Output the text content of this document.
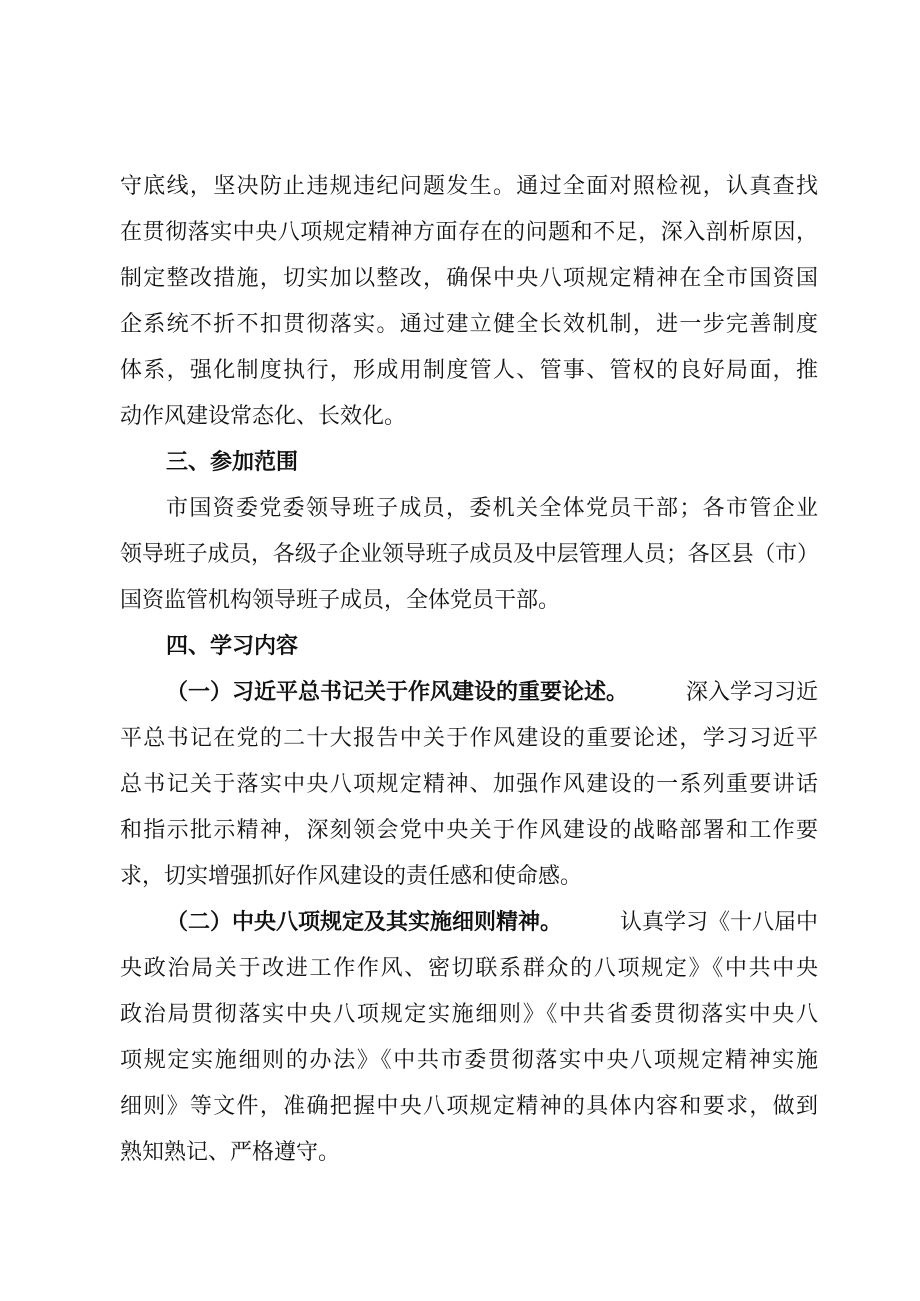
守底线，坚决防止违规违纪问题发生。通过全面对照检视，认真查找

在贯彻落实中央八项规定精神方面存在的问题和不足，深入剖析原因，

制定整改措施，切实加以整改，确保中央八项规定精神在全市国资国

企系统不折不扣贯彻落实。通过建立健全长效机制，进一步完善制度

体系，强化制度执行，形成用制度管人、管事、管权的良好局面，推

动作风建设常态化、长效化。

三、参加范围

市国资委党委领导班子成员，委机关全体党员干部；各市管企业

领导班子成员，各级子企业领导班子成员及中层管理人员；各区县（市）

国资监管机构领导班子成员，全体党员干部。

四、学习内容

（一）习近平总书记关于作风建设的重要论述。	深入学习习近

平总书记在党的二十大报告中关于作风建设的重要论述，学习习近平

总书记关于落实中央八项规定精神、加强作风建设的一系列重要讲话

和指示批示精神，深刻领会党中央关于作风建设的战略部署和工作要

求，切实增强抓好作风建设的责任感和使命感。

（二）中央八项规定及其实施细则精神。	认真学习《十八届中

央政治局关于改进工作作风、密切联系群众的八项规定》《中共中央

政治局贯彻落实中央八项规定实施细则》《中共省委贯彻落实中央八

项规定实施细则的办法》《中共市委贯彻落实中央八项规定精神实施

细则》等文件，准确把握中央八项规定精神的具体内容和要求，做到

熟知熟记、严格遵守。
